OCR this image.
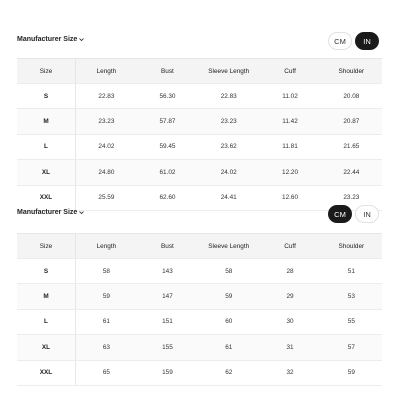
Manufacturer Size	CM	IN
Size	Length	Bust	Sleeve Length	Cuff	Shoulder
S	22.83	56.30	22.83	11.02	20.08
M	23.23	57.87	23.23	11.42	20.87
L	24.02	59.45	23.62	11.81	21.65
XL	24.80	61.02	24.02	12.20	22.44
XXL	25.59	62.60	24.41	12.60	23.23
Manufacturer Size	CM	IN
Size	Length	Bust	Sleeve Length	Cuff	Shoulder
S	58	143	58	28	51
M	59	147	59	29	53
L	61	151	60	30	55
XL	63	155	61	31	57
XXL	65	159	62	32	59
